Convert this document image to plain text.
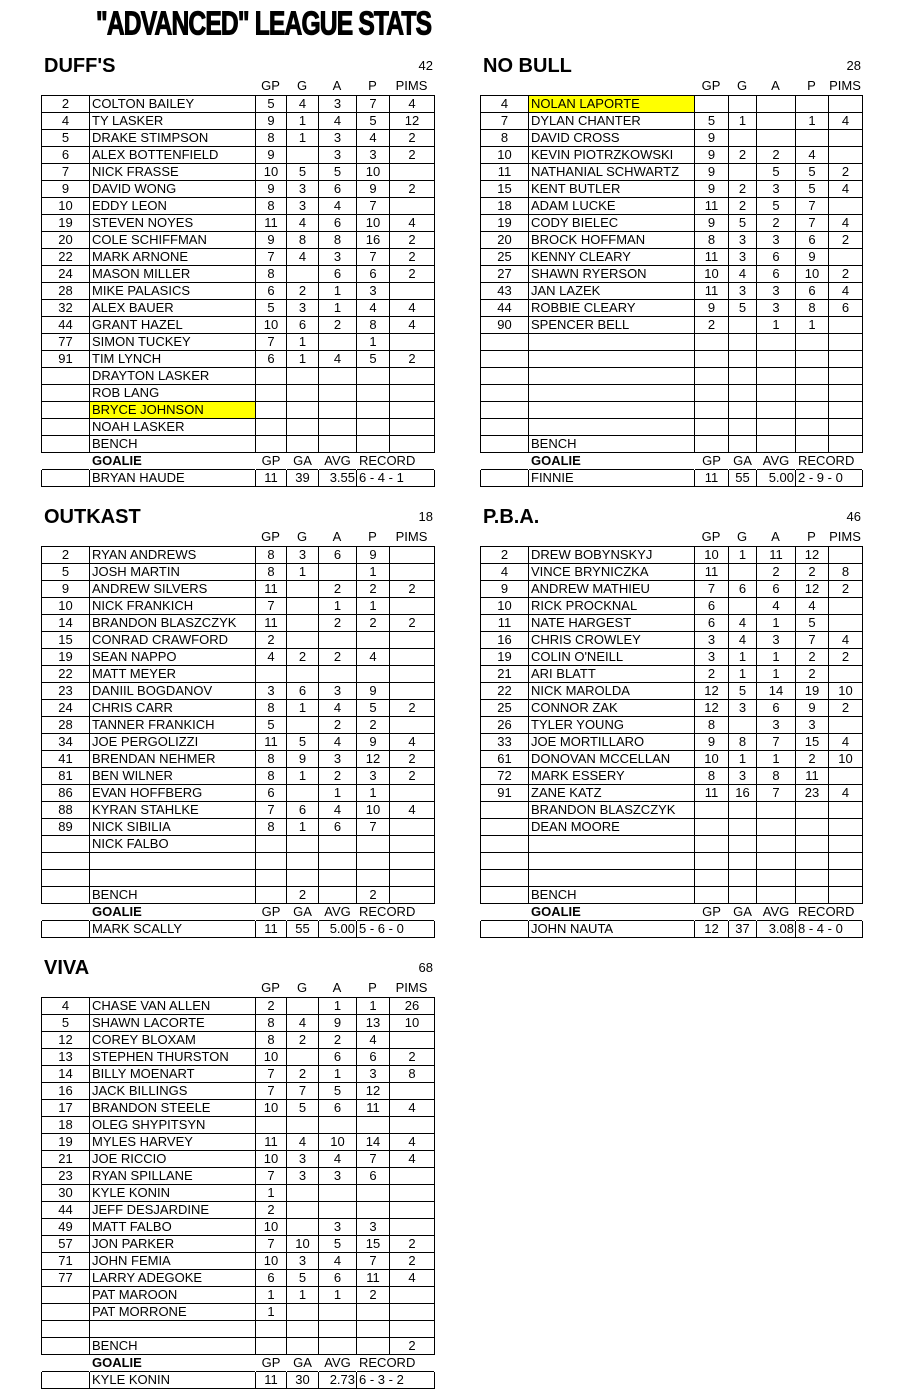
"ADVANCED" LEAGUE STATS
DUFF'S	42
		GP	G	A	P	PIMS
2	COLTON BAILEY	5	4	3	7	4
4	TY LASKER	9	1	4	5	12
5	DRAKE STIMPSON	8	1	3	4	2
6	ALEX BOTTENFIELD	9		3	3	2
7	NICK FRASSE	10	5	5	10	
9	DAVID WONG	9	3	6	9	2
10	EDDY LEON	8	3	4	7	
19	STEVEN NOYES	11	4	6	10	4
20	COLE SCHIFFMAN	9	8	8	16	2
22	MARK ARNONE	7	4	3	7	2
24	MASON MILLER	8		6	6	2
28	MIKE PALASICS	6	2	1	3	
32	ALEX BAUER	5	3	1	4	4
44	GRANT HAZEL	10	6	2	8	4
77	SIMON TUCKEY	7	1		1	
91	TIM LYNCH	6	1	4	5	2
	DRAYTON LASKER					
	ROB LANG					
	BRYCE JOHNSON					
	NOAH LASKER					
	BENCH					
	GOALIE	GP	GA	AVG	RECORD	
	BRYAN HAUDE	11	39	3.55	6 - 4 - 1	
NO BULL	28
		GP	G	A	P	PIMS
4	NOLAN LAPORTE					
7	DYLAN CHANTER	5	1		1	4
8	DAVID CROSS	9				
10	KEVIN PIOTRZKOWSKI	9	2	2	4	
11	NATHANIAL SCHWARTZ	9		5	5	2
15	KENT BUTLER	9	2	3	5	4
18	ADAM LUCKE	11	2	5	7	
19	CODY BIELEC	9	5	2	7	4
20	BROCK HOFFMAN	8	3	3	6	2
25	KENNY CLEARY	11	3	6	9	
27	SHAWN RYERSON	10	4	6	10	2
43	JAN LAZEK	11	3	3	6	4
44	ROBBIE CLEARY	9	5	3	8	6
90	SPENCER BELL	2		1	1	

	BENCH					
	GOALIE	GP	GA	AVG	RECORD	
	FINNIE	11	55	5.00	2 - 9 - 0	
OUTKAST	18
		GP	G	A	P	PIMS
2	RYAN ANDREWS	8	3	6	9	
5	JOSH MARTIN	8	1		1	
9	ANDREW SILVERS	11		2	2	2
10	NICK FRANKICH	7		1	1	
14	BRANDON BLASZCZYK	11		2	2	2
15	CONRAD CRAWFORD	2				
19	SEAN NAPPO	4	2	2	4	
22	MATT MEYER					
23	DANIIL BOGDANOV	3	6	3	9	
24	CHRIS CARR	8	1	4	5	2
28	TANNER FRANKICH	5		2	2	
34	JOE PERGOLIZZI	11	5	4	9	4
41	BRENDAN NEHMER	8	9	3	12	2
81	BEN WILNER	8	1	2	3	2
86	EVAN HOFFBERG	6		1	1	
88	KYRAN STAHLKE	7	6	4	10	4
89	NICK SIBILIA	8	1	6	7	
	NICK FALBO					

	BENCH		2		2	
	GOALIE	GP	GA	AVG	RECORD	
	MARK SCALLY	11	55	5.00	5 - 6 - 0	
P.B.A.	46
		GP	G	A	P	PIMS
2	DREW BOBYNSKYJ	10	1	11	12	
4	VINCE BRYNICZKA	11		2	2	8
9	ANDREW MATHIEU	7	6	6	12	2
10	RICK PROCKNAL	6		4	4	
11	NATE HARGEST	6	4	1	5	
16	CHRIS CROWLEY	3	4	3	7	4
19	COLIN O'NEILL	3	1	1	2	2
21	ARI BLATT	2	1	1	2	
22	NICK MAROLDA	12	5	14	19	10
25	CONNOR ZAK	12	3	6	9	2
26	TYLER YOUNG	8		3	3	
33	JOE MORTILLARO	9	8	7	15	4
61	DONOVAN MCCELLAN	10	1	1	2	10
72	MARK ESSERY	8	3	8	11	
91	ZANE KATZ	11	16	7	23	4
	BRANDON BLASZCZYK					
	DEAN MOORE					

	BENCH					
	GOALIE	GP	GA	AVG	RECORD	
	JOHN NAUTA	12	37	3.08	8 - 4 - 0	
VIVA	68
		GP	G	A	P	PIMS
4	CHASE VAN ALLEN	2		1	1	26
5	SHAWN LACORTE	8	4	9	13	10
12	COREY BLOXAM	8	2	2	4	
13	STEPHEN THURSTON	10		6	6	2
14	BILLY MOENART	7	2	1	3	8
16	JACK BILLINGS	7	7	5	12	
17	BRANDON STEELE	10	5	6	11	4
18	OLEG SHYPITSYN					
19	MYLES HARVEY	11	4	10	14	4
21	JOE RICCIO	10	3	4	7	4
23	RYAN SPILLANE	7	3	3	6	
30	KYLE KONIN	1				
44	JEFF DESJARDINE	2				
49	MATT FALBO	10		3	3	
57	JON PARKER	7	10	5	15	2
71	JOHN FEMIA	10	3	4	7	2
77	LARRY ADEGOKE	6	5	6	11	4
	PAT MAROON	1	1	1	2	
	PAT MORRONE	1				

	BENCH					2
	GOALIE	GP	GA	AVG	RECORD	
	KYLE KONIN	11	30	2.73	6 - 3 - 2	
